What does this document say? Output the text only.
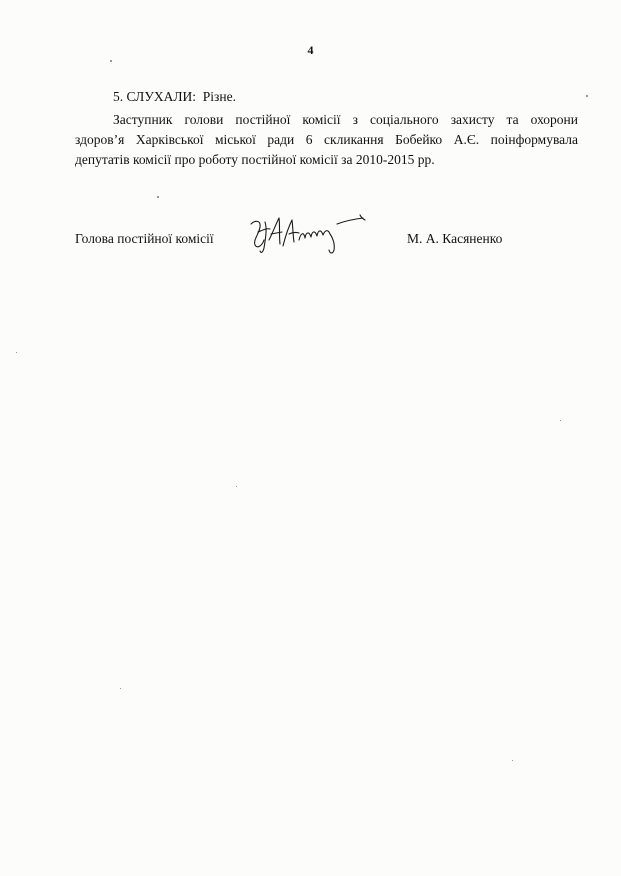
4
5. СЛУХАЛИ:  Різне.
Заступник голови постійної комісії з соціального захисту та охорони
здоров’я Харківської міської ради 6 скликання Бобейко А.Є. поінформувала
депутатів комісії про роботу постійної комісії за 2010-2015 рр.
Голова постійної комісії	М. А. Касяненко
